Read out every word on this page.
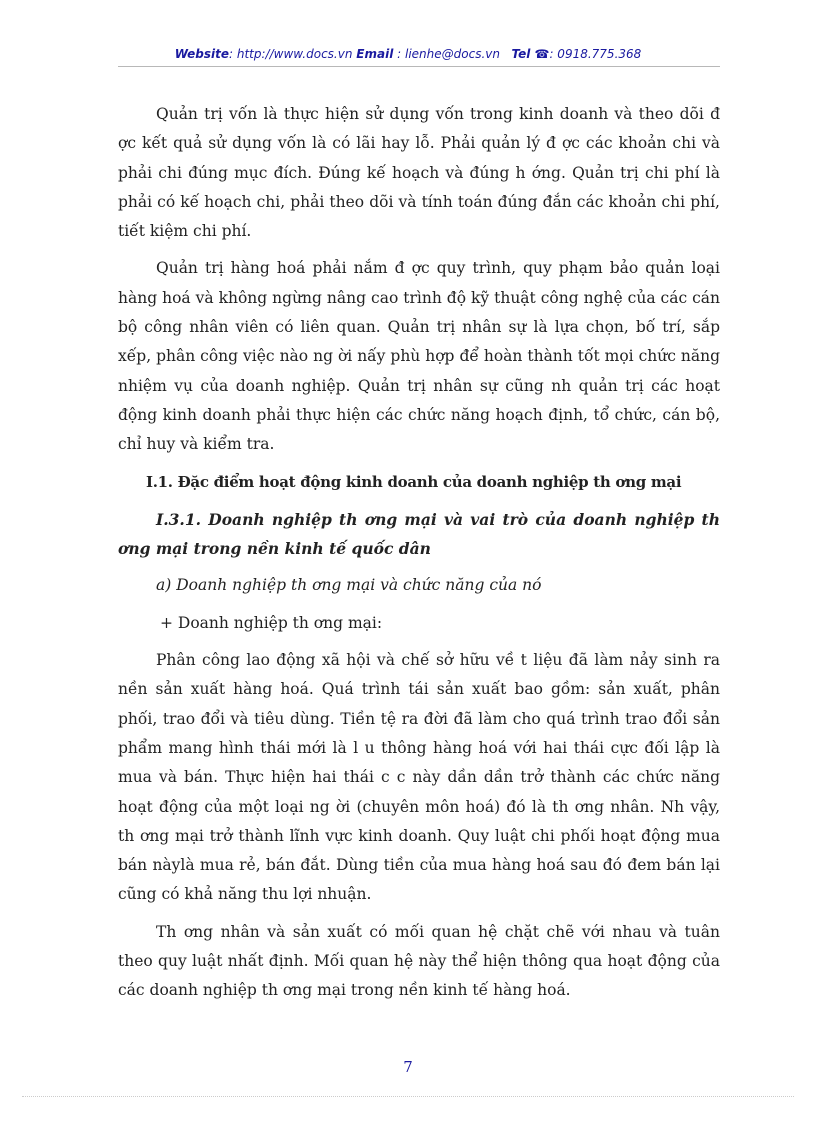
Website: http://www.docs.vn Email : lienhe@docs.vn Tel ☎: 0918.775.368

Quản trị vốn là thực hiện sử dụng vốn trong kinh doanh và theo dõi đ ợc kết quả sử dụng vốn là có lãi hay lỗ. Phải quản lý đ ợc các khoản chi và phải chi đúng mục đích. Đúng kế hoạch và đúng h ớng. Quản trị chi phí là phải có kế hoạch chi, phải theo dõi và tính toán đúng đắn các khoản chi phí, tiết kiệm chi phí.

Quản trị hàng hoá phải nắm đ ợc quy trình, quy phạm bảo quản loại hàng hoá và không ngừng nâng cao trình độ kỹ thuật công nghệ của các cán bộ công nhân viên có liên quan. Quản trị nhân sự là lựa chọn, bố trí, sắp xếp, phân công việc nào ng ời nấy phù hợp để hoàn thành tốt mọi chức năng nhiệm vụ của doanh nghiệp. Quản trị nhân sự cũng nh quản trị các hoạt động kinh doanh phải thực hiện các chức năng hoạch định, tổ chức, cán bộ, chỉ huy và kiểm tra.

I.1. Đặc điểm hoạt động kinh doanh của doanh nghiệp th ơng mại

I.3.1. Doanh nghiệp th ơng mại và vai trò của doanh nghiệp th ơng mại trong nền kinh tế quốc dân

a) Doanh nghiệp th ơng mại và chức năng của nó

+ Doanh nghiệp th ơng mại:

Phân công lao động xã hội và chế sở hữu về t liệu đã làm nảy sinh ra nền sản xuất hàng hoá. Quá trình tái sản xuất bao gồm: sản xuất, phân phối, trao đổi và tiêu dùng. Tiền tệ ra đời đã làm cho quá trình trao đổi sản phẩm mang hình thái mới là l u thông hàng hoá với hai thái cực đối lập là mua và bán. Thực hiện hai thái c c này dần dần trở thành các chức năng hoạt động của một loại ng ời (chuyên môn hoá) đó là th ơng nhân. Nh vậy, th ơng mại trở thành lĩnh vực kinh doanh. Quy luật chi phối hoạt động mua bán nàylà mua rẻ, bán đắt. Dùng tiền của mua hàng hoá sau đó đem bán lại cũng có khả năng thu lợi nhuận.

Th ơng nhân và sản xuất có mối quan hệ chặt chẽ với nhau và tuân theo quy luật nhất định. Mối quan hệ này thể hiện thông qua hoạt động của các doanh nghiệp th ơng mại trong nền kinh tế hàng hoá.

7
